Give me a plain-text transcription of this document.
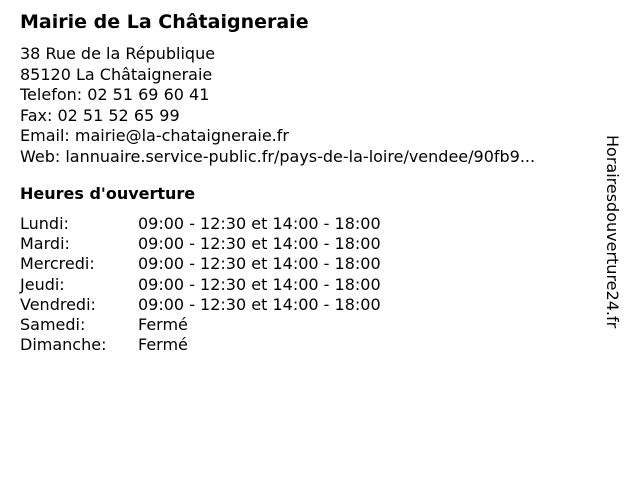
Mairie de La Châtaigneraie
38 Rue de la République
85120 La Châtaigneraie
Telefon: 02 51 69 60 41
Fax: 02 51 52 65 99
Email: mairie@la-chataigneraie.fr
Web: lannuaire.service-public.fr/pays-de-la-loire/vendee/90fb9...
Heures d'ouverture
Lundi:	09:00 - 12:30 et 14:00 - 18:00
Mardi:	09:00 - 12:30 et 14:00 - 18:00
Mercredi:	09:00 - 12:30 et 14:00 - 18:00
Jeudi:	09:00 - 12:30 et 14:00 - 18:00
Vendredi:	09:00 - 12:30 et 14:00 - 18:00
Samedi:	Fermé
Dimanche: Fermé
Horairesdouverture24.fr
